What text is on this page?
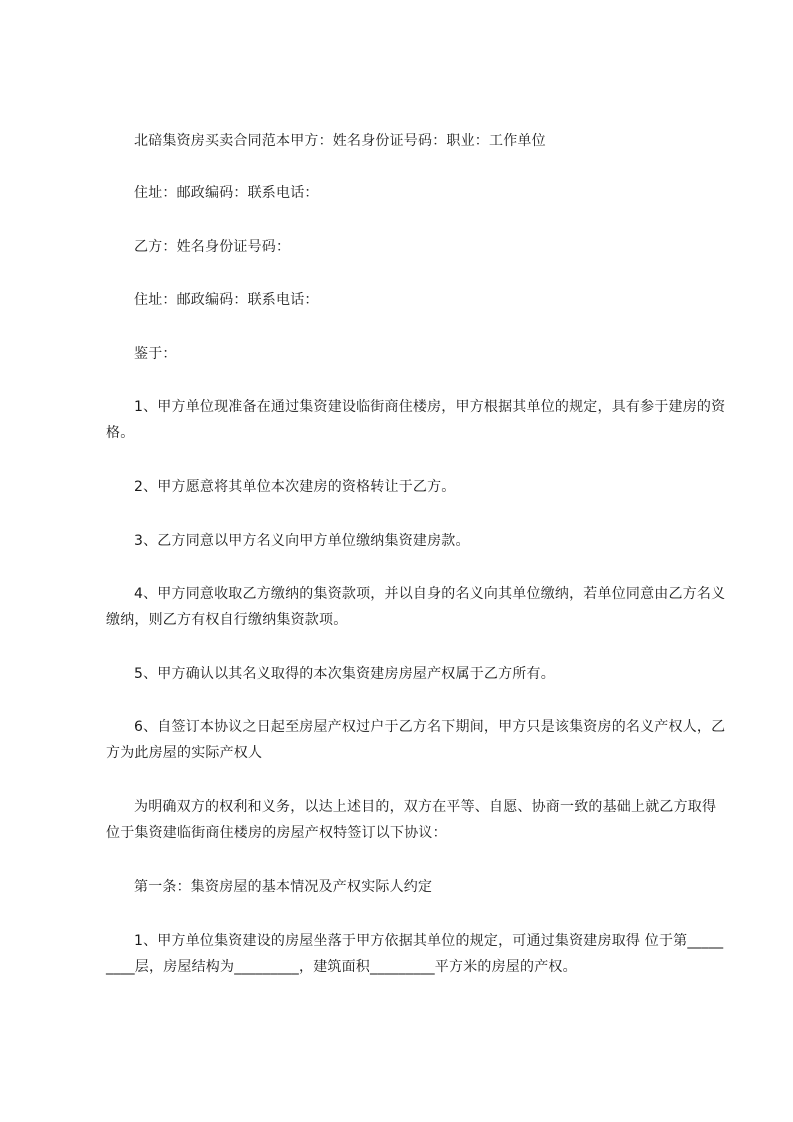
北碚集资房买卖合同范本甲方：姓名身份证号码：职业：工作单位

住址：邮政编码：联系电话：

乙方：姓名身份证号码：

住址：邮政编码：联系电话：

鉴于：

1、甲方单位现准备在通过集资建设临街商住楼房，甲方根据其单位的规定，具有参于建房的资格。

2、甲方愿意将其单位本次建房的资格转让于乙方。

3、乙方同意以甲方名义向甲方单位缴纳集资建房款。

4、甲方同意收取乙方缴纳的集资款项，并以自身的名义向其单位缴纳，若单位同意由乙方名义缴纳，则乙方有权自行缴纳集资款项。

5、甲方确认以其名义取得的本次集资建房房屋产权属于乙方所有。

6、自签订本协议之日起至房屋产权过户于乙方名下期间，甲方只是该集资房的名义产权人，乙方为此房屋的实际产权人

为明确双方的权利和义务，以达上述目的，双方在平等、自愿、协商一致的基础上就乙方取得位于集资建临街商住楼房的房屋产权特签订以下协议：

第一条：集资房屋的基本情况及产权实际人约定

1、甲方单位集资建设的房屋坐落于甲方依据其单位的规定，可通过集资建房取得 位于第_________层，房屋结构为_________，建筑面积_________平方米的房屋的产权。
